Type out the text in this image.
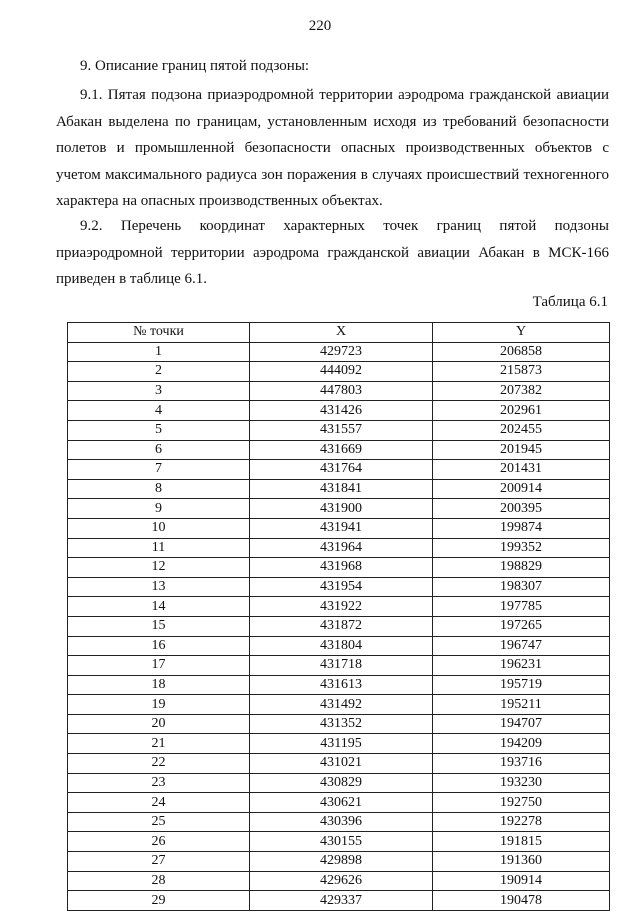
220
9. Описание границ пятой подзоны:
9.1. Пятая подзона приаэродромной территории аэродрома гражданской авиации Абакан выделена по границам, установленным исходя из требований безопасности полетов и промышленной безопасности опасных производственных объектов с учетом максимального радиуса зон поражения в случаях происшествий техногенного характера на опасных производственных объектах.
9.2. Перечень координат характерных точек границ пятой подзоны приаэродромной территории аэродрома гражданской авиации Абакан в МСК-166 приведен в таблице 6.1.
Таблица 6.1
№ точки	X	Y
1	429723	206858
2	444092	215873
3	447803	207382
4	431426	202961
5	431557	202455
6	431669	201945
7	431764	201431
8	431841	200914
9	431900	200395
10	431941	199874
11	431964	199352
12	431968	198829
13	431954	198307
14	431922	197785
15	431872	197265
16	431804	196747
17	431718	196231
18	431613	195719
19	431492	195211
20	431352	194707
21	431195	194209
22	431021	193716
23	430829	193230
24	430621	192750
25	430396	192278
26	430155	191815
27	429898	191360
28	429626	190914
29	429337	190478
